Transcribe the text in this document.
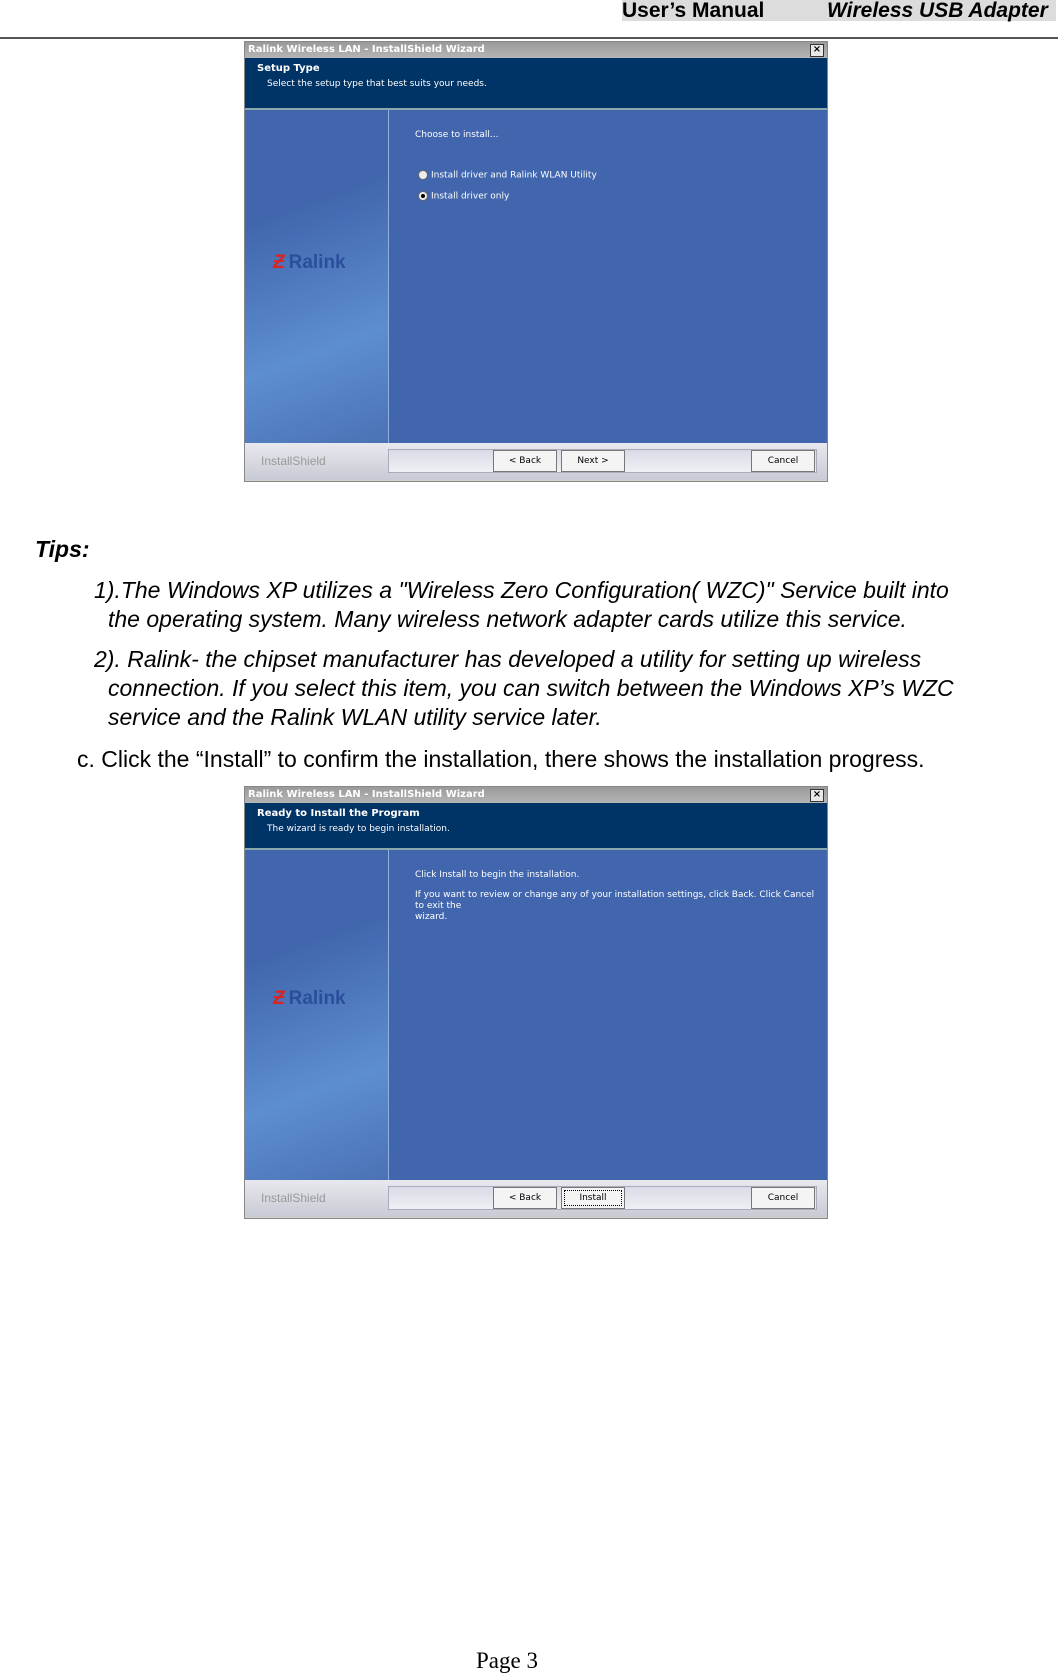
User’s Manual	Wireless USB Adapter
Ralink Wireless LAN - InstallShield Wizard	×
Setup Type
Select the setup type that best suits your needs.
Ƶ Ralink
Choose to install...
Install driver and Ralink WLAN Utility
Install driver only
InstallShield	< Back	Next >	Cancel
Tips:
1).The Windows XP utilizes a "Wireless Zero Configuration( WZC)" Service built into
the operating system. Many wireless network adapter cards utilize this service.
2). Ralink- the chipset manufacturer has developed a utility for setting up wireless
connection. If you select this item, you can switch between the Windows XP’s WZC
service and the Ralink WLAN utility service later.
c. Click the “Install” to confirm the installation, there shows the installation progress.
Ralink Wireless LAN - InstallShield Wizard	×
Ready to Install the Program
The wizard is ready to begin installation.
Ƶ Ralink
Click Install to begin the installation.
If you want to review or change any of your installation settings, click Back. Click Cancel to exit the
wizard.
InstallShield	< Back	Install	Cancel
Page 3
